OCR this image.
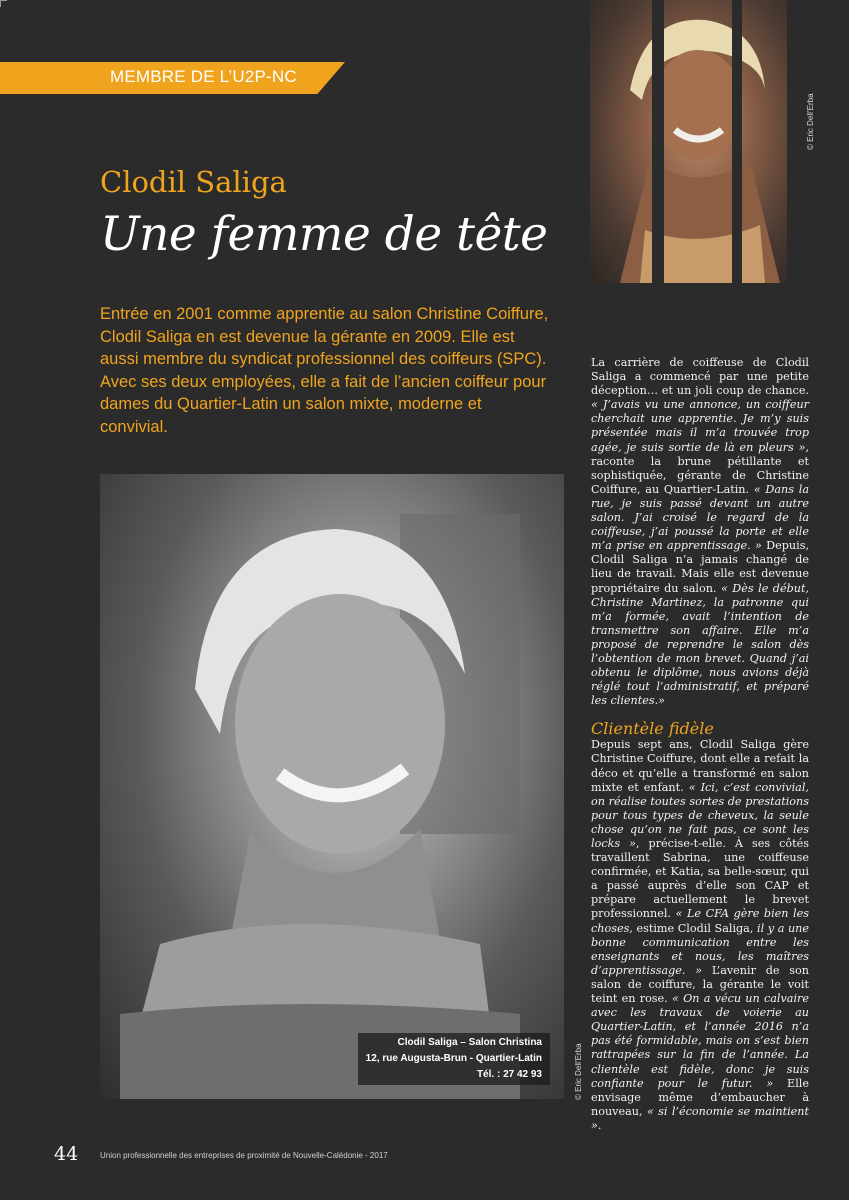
MEMBRE DE L’U2P-NC
© Eric Dell’Erba
Clodil Saliga
Une femme de tête

Entrée en 2001 comme apprentie au salon Christine Coiffure, Clodil Saliga en est devenue la gérante en 2009. Elle est aussi membre du syndicat professionnel des coiffeurs (SPC). Avec ses deux employées, elle a fait de l’ancien coiffeur pour dames du Quartier-Latin un salon mixte, moderne et convivial.

Clodil Saliga – Salon Christina
12, rue Augusta-Brun - Quartier-Latin
Tél. : 27 42 93	© Eric Dell’Erba

La carrière de coiffeuse de Clodil Saliga a commencé par une petite déception… et un joli coup de chance. « J’avais vu une annonce, un coiffeur cherchait une apprentie. Je m’y suis présentée mais il m’a trouvée trop agée, je suis sortie de là en pleurs », raconte la brune pétillante et sophistiquée, gérante de Christine Coiffure, au Quartier-Latin. « Dans la rue, je suis passé devant un autre salon. J’ai croisé le regard de la coiffeuse, j’ai poussé la porte et elle m’a prise en apprentissage. » Depuis, Clodil Saliga n’a jamais changé de lieu de travail. Mais elle est devenue propriétaire du salon. « Dès le début, Christine Martinez, la patronne qui m’a formée, avait l’intention de transmettre son affaire. Elle m’a proposé de reprendre le salon dès l’obtention de mon brevet. Quand j’ai obtenu le diplôme, nous avions déjà réglé tout l’administratif, et préparé les clientes.»

Clientèle fidèle

Depuis sept ans, Clodil Saliga gère Christine Coiffure, dont elle a refait la déco et qu’elle a transformé en salon mixte et enfant. « Ici, c’est convivial, on réalise toutes sortes de prestations pour tous types de cheveux, la seule chose qu’on ne fait pas, ce sont les locks », précise-t-elle. À ses côtés travaillent Sabrina, une coiffeuse confirmée, et Katia, sa belle-sœur, qui a passé auprès d’elle son CAP et prépare actuellement le brevet professionnel. « Le CFA gère bien les choses, estime Clodil Saliga, il y a une bonne communication entre les enseignants et nous, les maîtres d’apprentissage. » L’avenir de son salon de coiffure, la gérante le voit teint en rose. « On a vécu un calvaire avec les travaux de voierie au Quartier-Latin, et l’année 2016 n’a pas été formidable, mais on s’est bien rattrapées sur la fin de l’année. La clientèle est fidèle, donc je suis confiante pour le futur. » Elle envisage même d’embaucher à nouveau, « si l’économie se maintient ».

44	Union professionnelle des entreprises de proximité de Nouvelle-Calédonie - 2017
